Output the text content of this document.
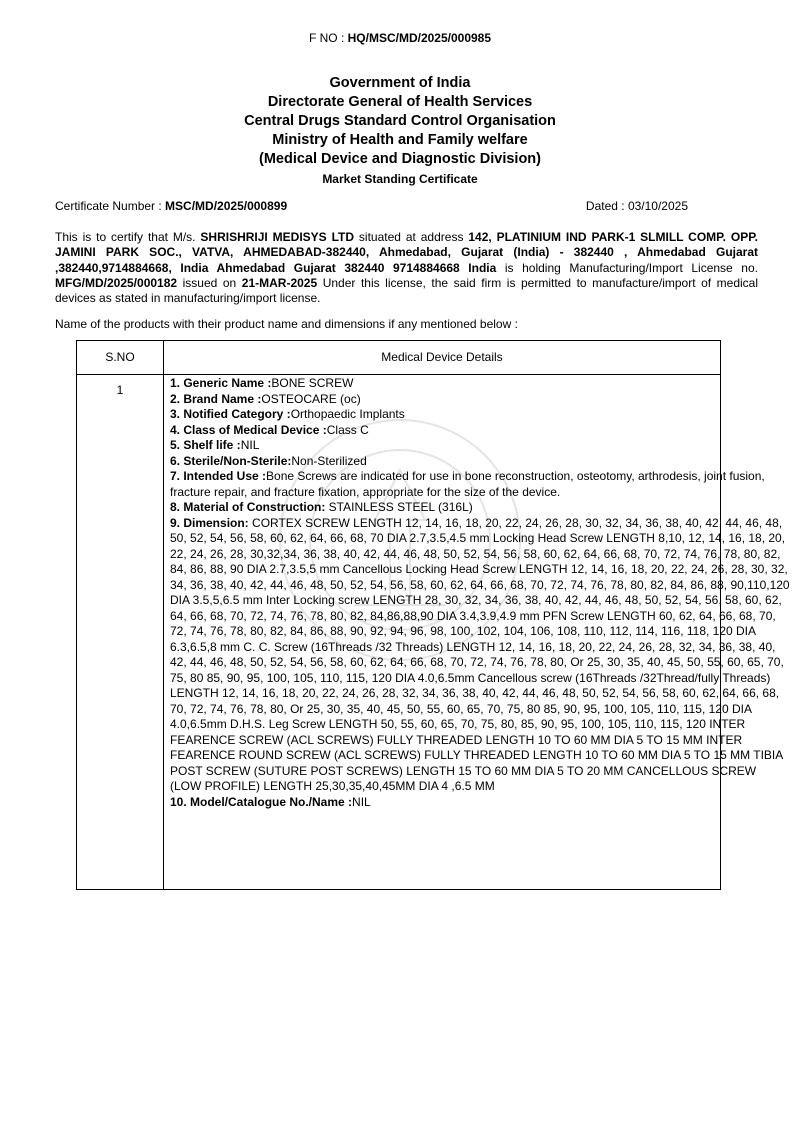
F NO : HQ/MSC/MD/2025/000985
Government of India
Directorate General of Health Services
Central Drugs Standard Control Organisation
Ministry of Health and Family welfare
(Medical Device and Diagnostic Division)
Market Standing Certificate
Certificate Number : MSC/MD/2025/000899	Dated : 03/10/2025
This is to certify that M/s. SHRISHRIJI MEDISYS LTD situated at address 142, PLATINIUM IND PARK-1 SLMILL COMP. OPP. JAMINI PARK SOC., VATVA, AHMEDABAD-382440, Ahmedabad, Gujarat (India) - 382440 , Ahmedabad Gujarat ,382440,9714884668, India Ahmedabad Gujarat 382440 9714884668 India is holding Manufacturing/Import License no. MFG/MD/2025/000182 issued on 21-MAR-2025 Under this license, the said firm is permitted to manufacture/import of medical devices as stated in manufacturing/import license.
Name of the products with their product name and dimensions if any mentioned below :
S.NO	Medical Device Details
1	1. Generic Name :BONE SCREW
2. Brand Name :OSTEOCARE (oc)
3. Notified Category :Orthopaedic Implants
4. Class of Medical Device :Class C
5. Shelf life :NIL
6. Sterile/Non-Sterile:Non-Sterilized
7. Intended Use :Bone Screws are indicated for use in bone reconstruction, osteotomy, arthrodesis, joint fusion, fracture repair, and fracture fixation, appropriate for the size of the device.
8. Material of Construction: STAINLESS STEEL (316L)
9. Dimension: CORTEX SCREW LENGTH 12, 14, 16, 18, 20, 22, 24, 26, 28, 30, 32, 34, 36, 38, 40, 42, 44, 46, 48, 50, 52, 54, 56, 58, 60, 62, 64, 66, 68, 70 DIA 2.7,3.5,4.5 mm Locking Head Screw LENGTH 8,10, 12, 14, 16, 18, 20, 22, 24, 26, 28, 30,32,34, 36, 38, 40, 42, 44, 46, 48, 50, 52, 54, 56, 58, 60, 62, 64, 66, 68, 70, 72, 74, 76, 78, 80, 82, 84, 86, 88, 90 DIA 2.7,3.5,5 mm Cancellous Locking Head Screw LENGTH 12, 14, 16, 18, 20, 22, 24, 26, 28, 30, 32, 34, 36, 38, 40, 42, 44, 46, 48, 50, 52, 54, 56, 58, 60, 62, 64, 66, 68, 70, 72, 74, 76, 78, 80, 82, 84, 86, 88, 90,110,120 DIA 3.5,5,6.5 mm Inter Locking screw LENGTH 28, 30, 32, 34, 36, 38, 40, 42, 44, 46, 48, 50, 52, 54, 56, 58, 60, 62, 64, 66, 68, 70, 72, 74, 76, 78, 80, 82, 84,86,88,90 DIA 3.4,3.9,4.9 mm PFN Screw LENGTH 60, 62, 64, 66, 68, 70, 72, 74, 76, 78, 80, 82, 84, 86, 88, 90, 92, 94, 96, 98, 100, 102, 104, 106, 108, 110, 112, 114, 116, 118, 120 DIA 6.3,6.5,8 mm C. C. Screw (16Threads /32 Threads) LENGTH 12, 14, 16, 18, 20, 22, 24, 26, 28, 32, 34, 36, 38, 40, 42, 44, 46, 48, 50, 52, 54, 56, 58, 60, 62, 64, 66, 68, 70, 72, 74, 76, 78, 80, Or 25, 30, 35, 40, 45, 50, 55, 60, 65, 70, 75, 80 85, 90, 95, 100, 105, 110, 115, 120 DIA 4.0,6.5mm Cancellous screw (16Threads /32Thread/fully Threads) LENGTH 12, 14, 16, 18, 20, 22, 24, 26, 28, 32, 34, 36, 38, 40, 42, 44, 46, 48, 50, 52, 54, 56, 58, 60, 62, 64, 66, 68, 70, 72, 74, 76, 78, 80, Or 25, 30, 35, 40, 45, 50, 55, 60, 65, 70, 75, 80 85, 90, 95, 100, 105, 110, 115, 120 DIA 4.0,6.5mm D.H.S. Leg Screw LENGTH 50, 55, 60, 65, 70, 75, 80, 85, 90, 95, 100, 105, 110, 115, 120 INTER FEARENCE SCREW (ACL SCREWS) FULLY THREADED LENGTH 10 TO 60 MM DIA 5 TO 15 MM INTER FEARENCE ROUND SCREW (ACL SCREWS) FULLY THREADED LENGTH 10 TO 60 MM DIA 5 TO 15 MM TIBIA POST SCREW (SUTURE POST SCREWS) LENGTH 15 TO 60 MM DIA 5 TO 20 MM CANCELLOUS SCREW (LOW PROFILE) LENGTH 25,30,35,40,45MM DIA 4 ,6.5 MM
10. Model/Catalogue No./Name :NIL
